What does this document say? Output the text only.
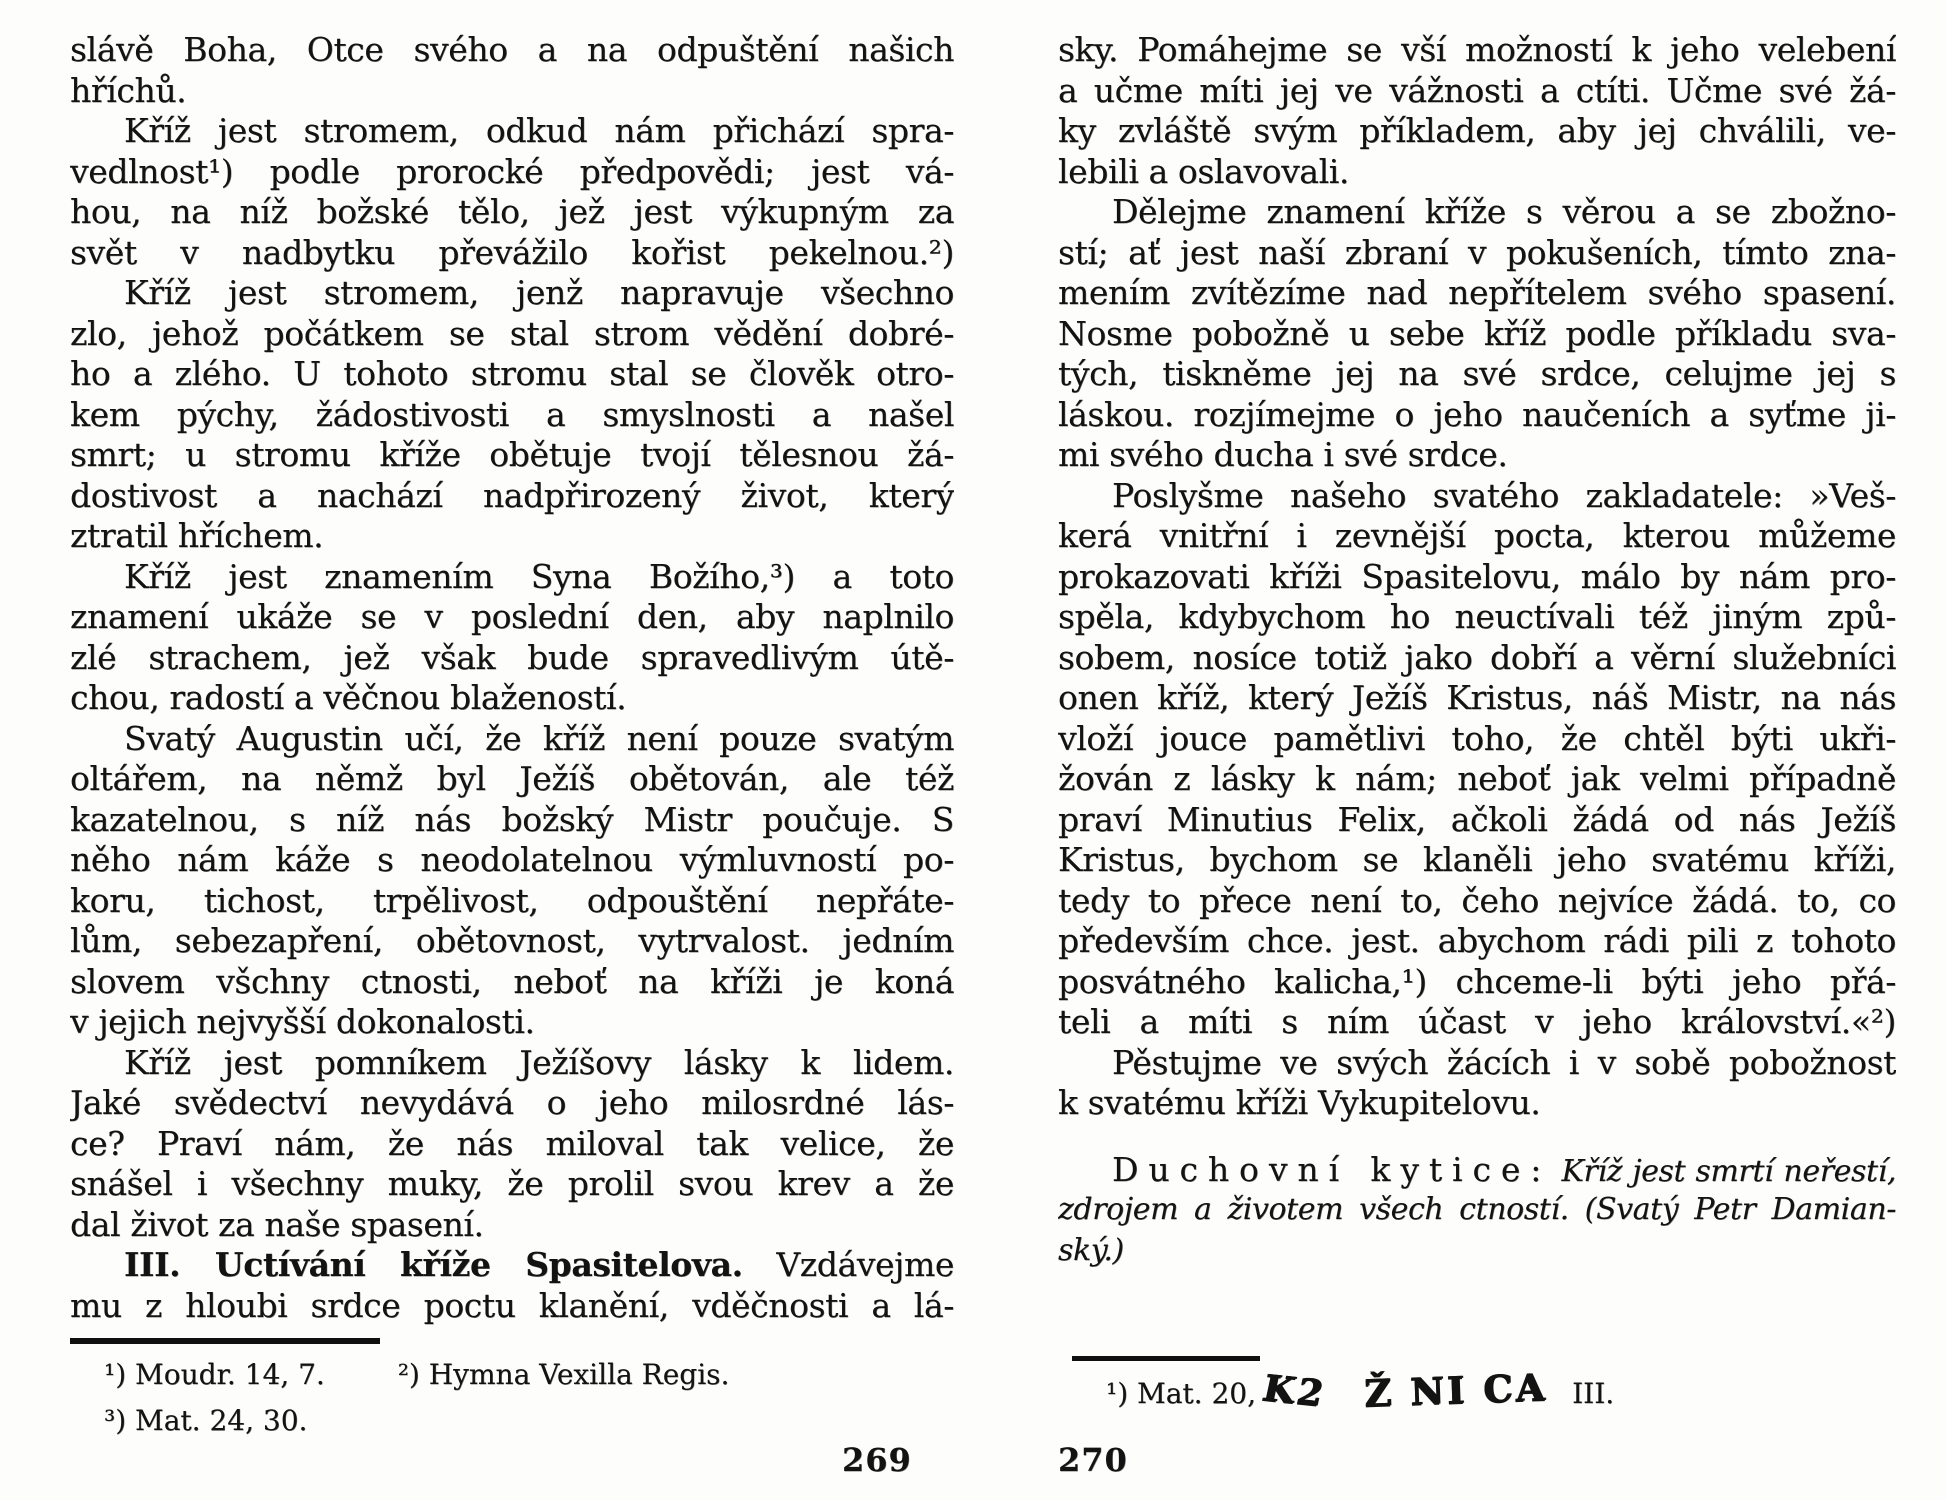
slávě Boha, Otce svého a na odpuštění našich
hříchů.
Kříž jest stromem, odkud nám přichází spra-
vedlnost¹) podle prorocké předpovědi; jest vá-
hou, na níž božské tělo, jež jest výkupným za
svět v nadbytku převážilo kořist pekelnou.²)
Kříž jest stromem, jenž napravuje všechno
zlo, jehož počátkem se stal strom vědění dobré-
ho a zlého. U tohoto stromu stal se člověk otro-
kem pýchy, žádostivosti a smyslnosti a našel
smrt; u stromu kříže obětuje tvojí tělesnou žá-
dostivost a nachází nadpřirozený život, který
ztratil hříchem.
Kříž jest znamením Syna Božího,³) a toto
znamení ukáže se v poslední den, aby naplnilo
zlé strachem, jež však bude spravedlivým útě-
chou, radostí a věčnou blažeností.
Svatý Augustin učí, že kříž není pouze svatým
oltářem, na němž byl Ježíš obětován, ale též
kazatelnou, s níž nás božský Mistr poučuje. S
něho nám káže s neodolatelnou výmluvností po-
koru, tichost, trpělivost, odpouštění nepřáte-
lům, sebezapření, obětovnost, vytrvalost. jedním
slovem všchny ctnosti, neboť na kříži je koná
v jejich nejvyšší dokonalosti.
Kříž jest pomníkem Ježíšovy lásky k lidem.
Jaké svědectví nevydává o jeho milosrdné lás-
ce? Praví nám, že nás miloval tak velice, že
snášel i všechny muky, že prolil svou krev a že
dal život za naše spasení.
III. Uctívání kříže Spasitelova. Vzdávejme
mu z hloubi srdce poctu klanění, vděčnosti a lá-
sky. Pomáhejme se vší možností k jeho velebení
a učme míti jej ve vážnosti a ctíti. Učme své žá-
ky zvláště svým příkladem, aby jej chválili, ve-
lebili a oslavovali.
Dělejme znamení kříže s věrou a se zbožno-
stí; ať jest naší zbraní v pokušeních, tímto zna-
mením zvítězíme nad nepřítelem svého spasení.
Nosme pobožně u sebe kříž podle příkladu sva-
tých, tiskněme jej na své srdce, celujme jej s
láskou. rozjímejme o jeho naučeních a syťme ji-
mi svého ducha i své srdce.
Poslyšme našeho svatého zakladatele: »Veš-
kerá vnitřní i zevnější pocta, kterou můžeme
prokazovati kříži Spasitelovu, málo by nám pro-
spěla, kdybychom ho neuctívali též jiným způ-
sobem, nosíce totiž jako dobří a věrní služebníci
onen kříž, který Ježíš Kristus, náš Mistr, na nás
vloží jouce pamětlivi toho, že chtěl býti ukři-
žován z lásky k nám; neboť jak velmi případně
praví Minutius Felix, ačkoli žádá od nás Ježíš
Kristus, bychom se klaněli jeho svatému kříži,
tedy to přece není to, čeho nejvíce žádá. to, co
především chce. jest. abychom rádi pili z tohoto
posvátného kalicha,¹) chceme-li býti jeho přá-
teli a míti s ním účast v jeho království.«²)
Pěstujme ve svých žácích i v sobě pobožnost
k svatému kříži Vykupitelovu.
Duchovní kytice: Kříž jest smrtí neřestí,
zdrojem a životem všech ctností. (Svatý Petr Damian-
ský.)
¹) Moudr. 14, 7.	²) Hymna Vexilla Regis.
³) Mat. 24, 30.
¹) Mat. 20, K2 Ž NI CA III.
269	270
